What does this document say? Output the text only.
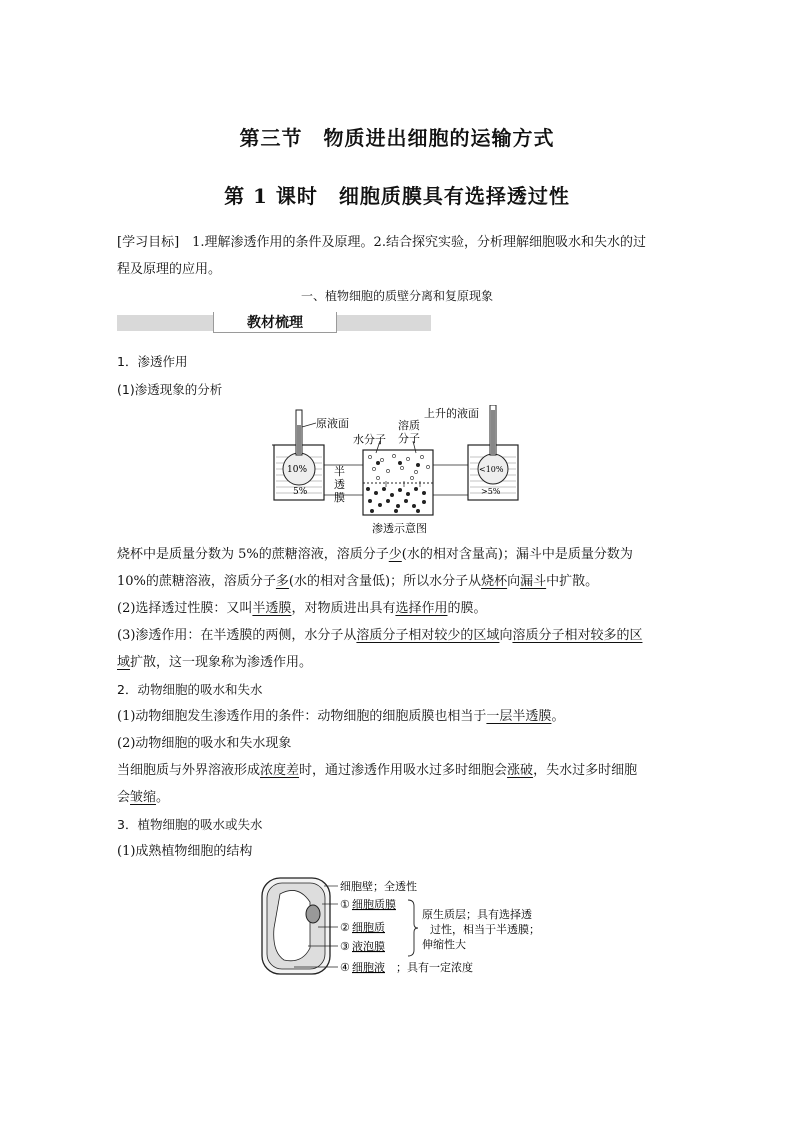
第三节　物质进出细胞的运输方式
第 1 课时　细胞质膜具有选择透过性
[学习目标]　1.理解渗透作用的条件及原理。2.结合探究实验，分析理解细胞吸水和失水的过
程及原理的应用。
一、植物细胞的质壁分离和复原现象
教材梳理
1．渗透作用
(1)渗透现象的分析
10%
5%
原液面
半
透
膜
水分子
溶质
分子
渗透示意图
<10%
>5%
上升的液面
烧杯中是质量分数为 5%的蔗糖溶液，溶质分子少(水的相对含量高)；漏斗中是质量分数为
10%的蔗糖溶液，溶质分子多(水的相对含量低)；所以水分子从烧杯向漏斗中扩散。
(2)选择透过性膜：又叫半透膜，对物质进出具有选择作用的膜。
(3)渗透作用：在半透膜的两侧，水分子从溶质分子相对较少的区域向溶质分子相对较多的区
域扩散，这一现象称为渗透作用。
2．动物细胞的吸水和失水
(1)动物细胞发生渗透作用的条件：动物细胞的细胞质膜也相当于一层半透膜。
(2)动物细胞的吸水和失水现象
当细胞质与外界溶液形成浓度差时，通过渗透作用吸水过多时细胞会涨破，失水过多时细胞
会皱缩。
3．植物细胞的吸水或失水
(1)成熟植物细胞的结构
细胞壁；全透性
① 细胞质膜
② 细胞质
③ 液泡膜
④ 细胞液 ；具有一定浓度
原生质层；具有选择透
过性，相当于半透膜；
伸缩性大
